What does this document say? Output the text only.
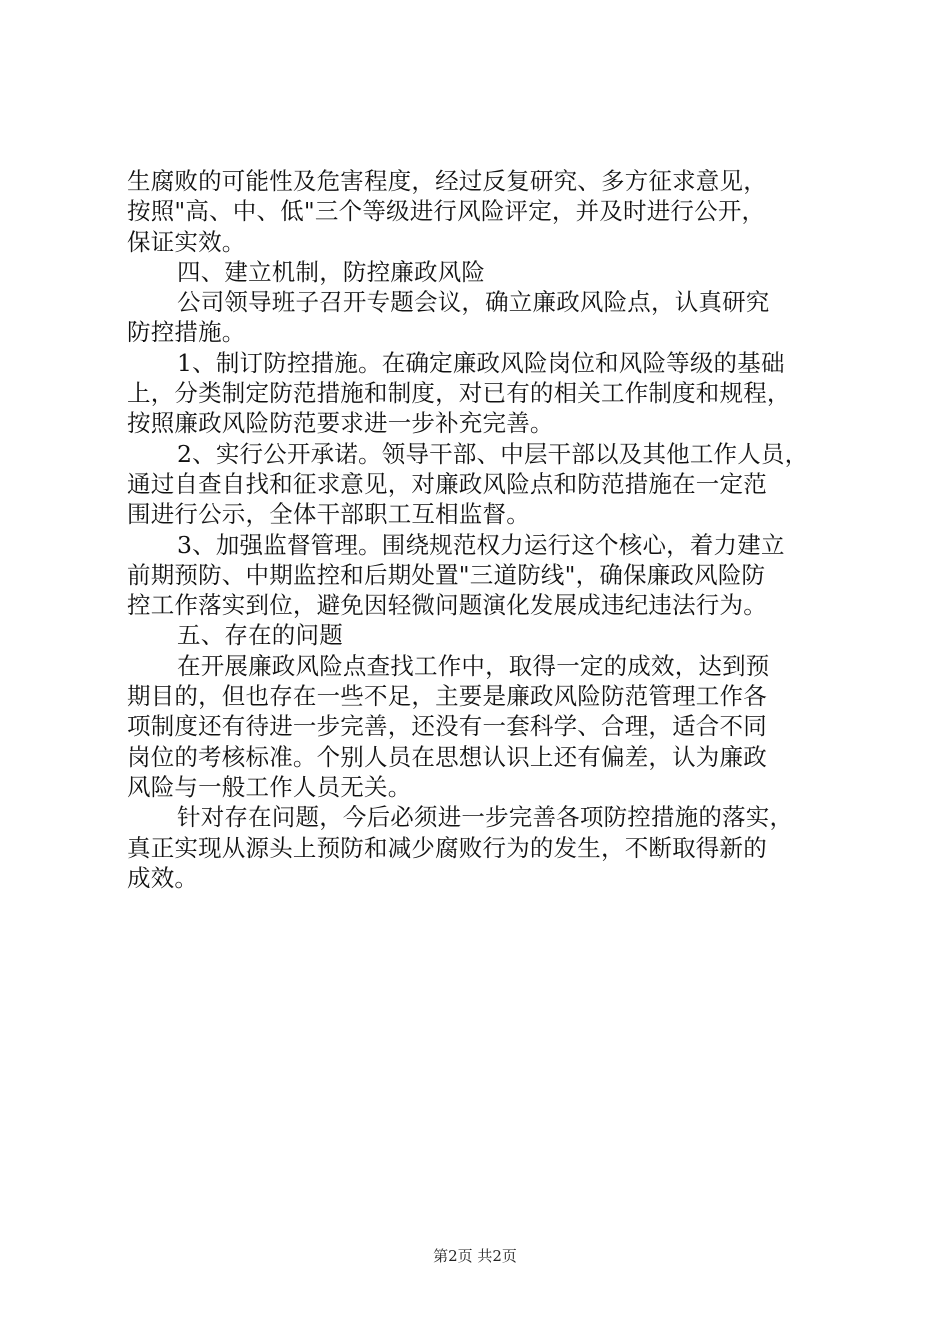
生腐败的可能性及危害程度，经过反复研究、多方征求意见，
按照"高、中、低"三个等级进行风险评定，并及时进行公开，
保证实效。
四、建立机制，防控廉政风险
公司领导班子召开专题会议，确立廉政风险点，认真研究
防控措施。
1、制订防控措施。在确定廉政风险岗位和风险等级的基础
上，分类制定防范措施和制度，对已有的相关工作制度和规程，
按照廉政风险防范要求进一步补充完善。
2、实行公开承诺。领导干部、中层干部以及其他工作人员，
通过自查自找和征求意见，对廉政风险点和防范措施在一定范
围进行公示，全体干部职工互相监督。
3、加强监督管理。围绕规范权力运行这个核心，着力建立
前期预防、中期监控和后期处置"三道防线"，确保廉政风险防
控工作落实到位，避免因轻微问题演化发展成违纪违法行为。
五、存在的问题
在开展廉政风险点查找工作中，取得一定的成效，达到预
期目的，但也存在一些不足，主要是廉政风险防范管理工作各
项制度还有待进一步完善，还没有一套科学、合理，适合不同
岗位的考核标准。个别人员在思想认识上还有偏差，认为廉政
风险与一般工作人员无关。
针对存在问题，今后必须进一步完善各项防控措施的落实，
真正实现从源头上预防和减少腐败行为的发生，不断取得新的
成效。
第2页 共2页
